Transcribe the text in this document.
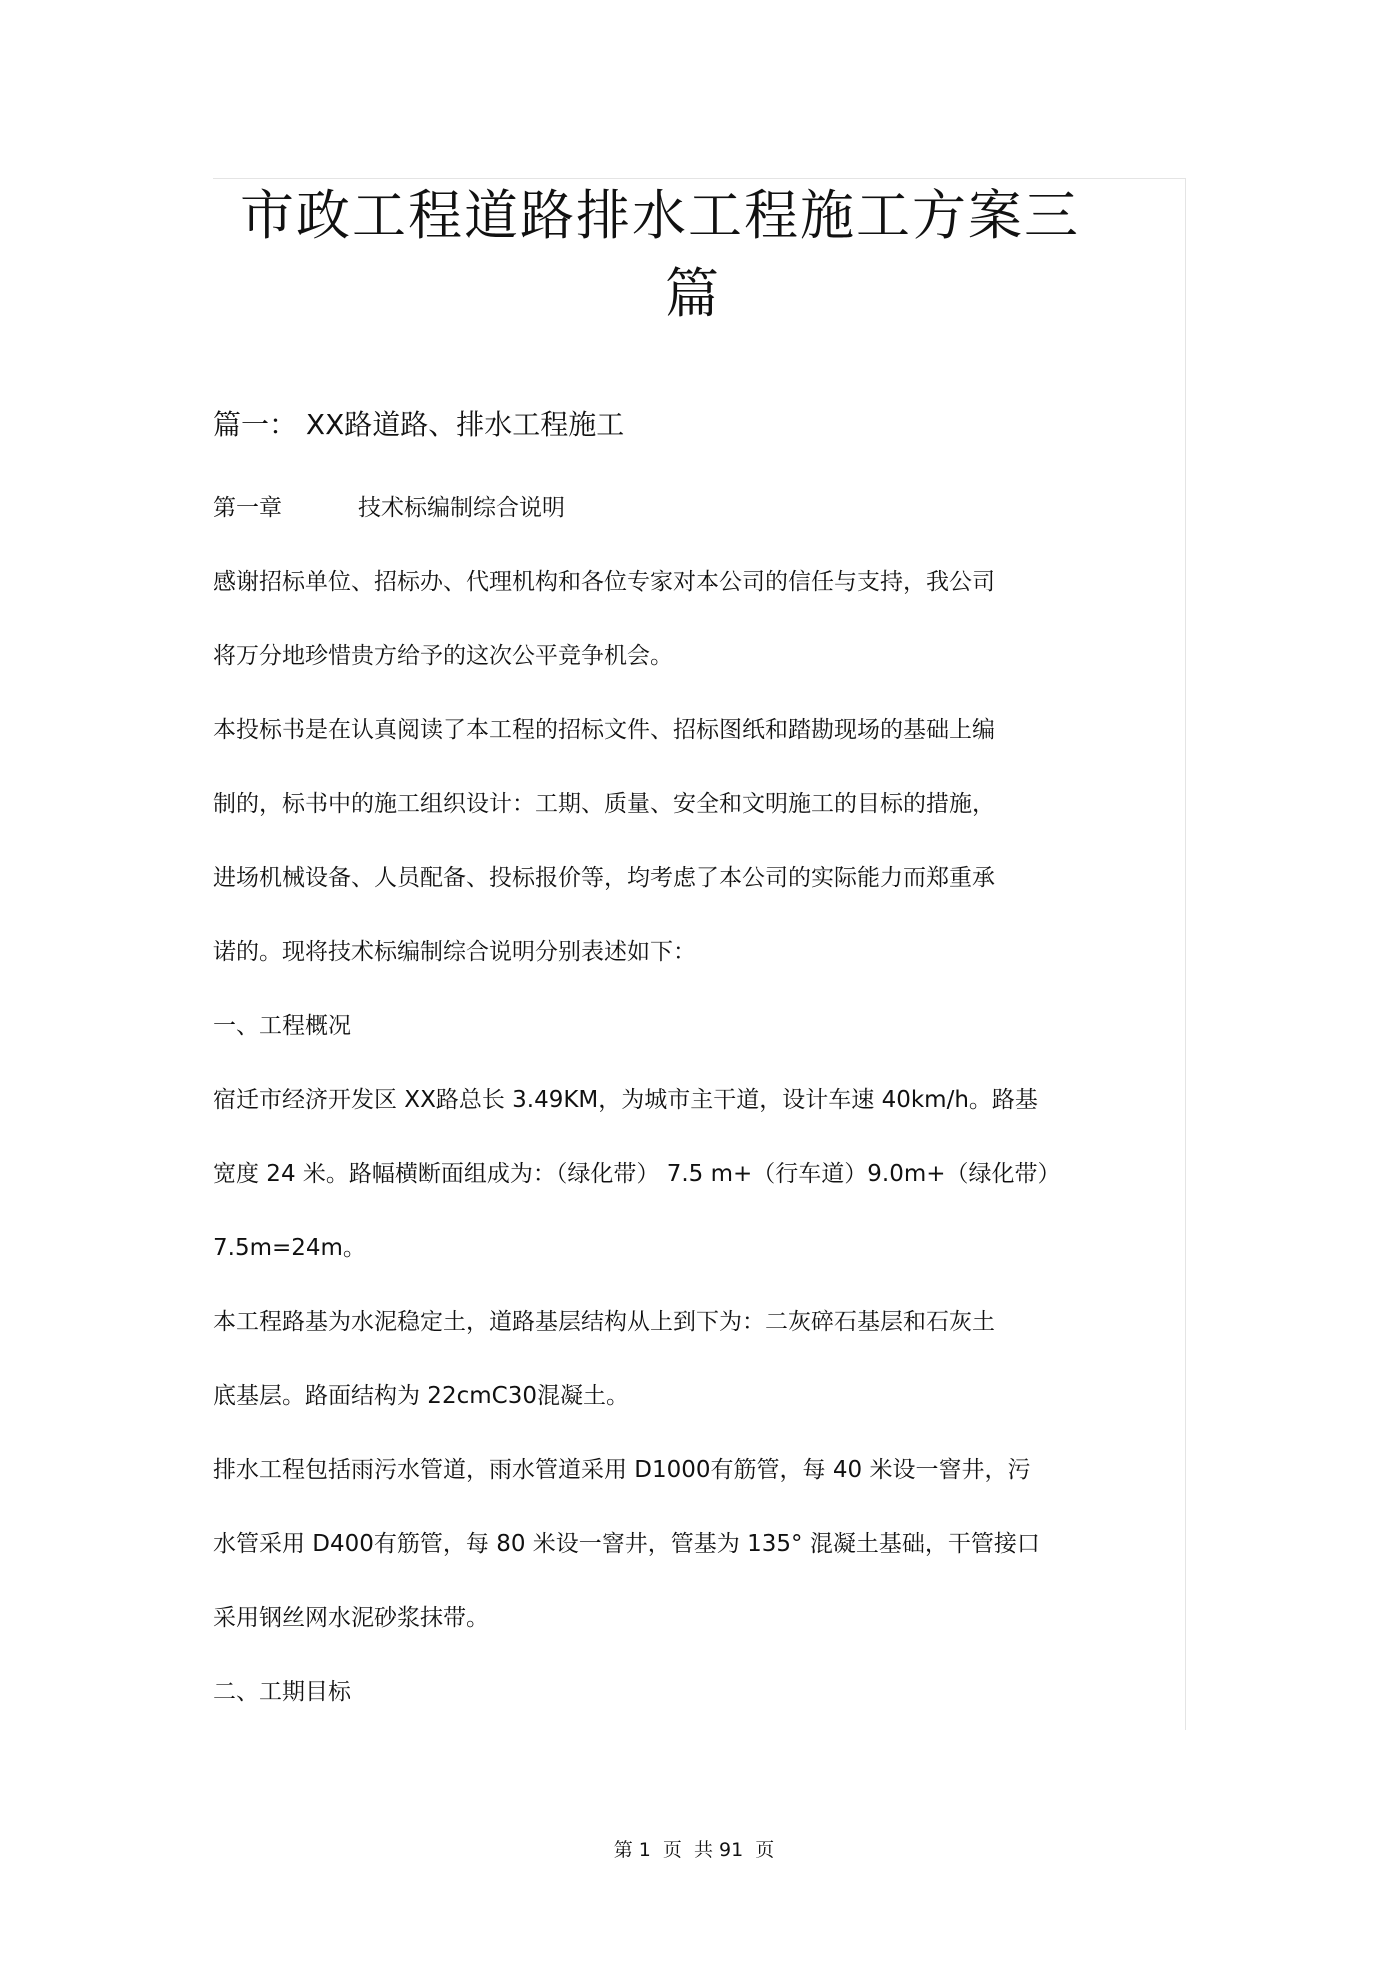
市政工程道路排水工程施工方案三
篇
篇一： XX路道路、排水工程施工

第一章	技术标编制综合说明

感谢招标单位、招标办、代理机构和各位专家对本公司的信任与支持，我公司

将万分地珍惜贵方给予的这次公平竞争机会。

本投标书是在认真阅读了本工程的招标文件、招标图纸和踏勘现场的基础上编

制的，标书中的施工组织设计：工期、质量、安全和文明施工的目标的措施，

进场机械设备、人员配备、投标报价等，均考虑了本公司的实际能力而郑重承

诺的。现将技术标编制综合说明分别表述如下：

一、工程概况

宿迁市经济开发区 XX路总长 3.49KM，为城市主干道，设计车速 40km/h。路基

宽度 24 米。路幅横断面组成为：（绿化带） 7.5 m+（行车道）9.0m+（绿化带）

7.5m=24m。

本工程路基为水泥稳定土，道路基层结构从上到下为：二灰碎石基层和石灰土

底基层。路面结构为 22cmC30混凝土。

排水工程包括雨污水管道，雨水管道采用 D1000有筋管，每 40 米设一窨井，污

水管采用 D400有筋管，每 80 米设一窨井，管基为 135° 混凝土基础，干管接口

采用钢丝网水泥砂浆抹带。

二、工期目标

第 1  页  共 91  页
